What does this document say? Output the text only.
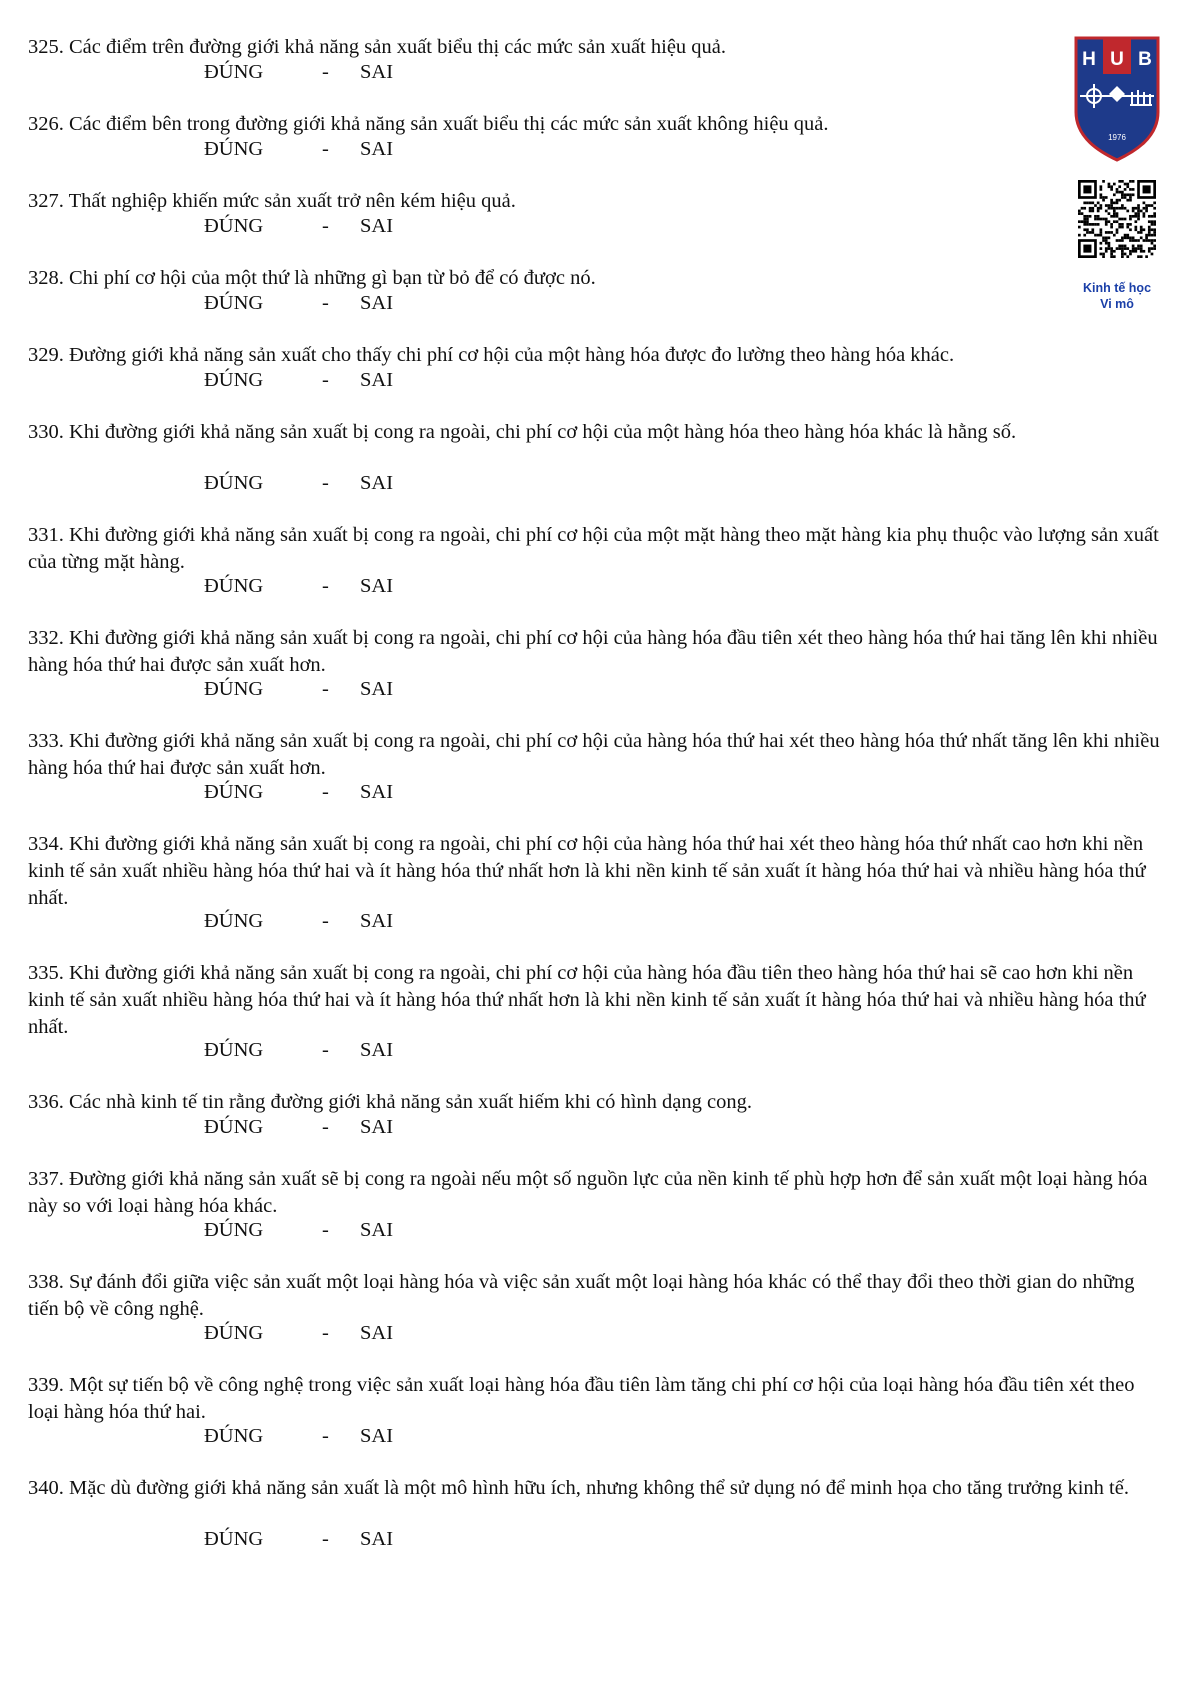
325. Các điểm trên đường giới khả năng sản xuất biểu thị các mức sản xuất hiệu quả.

ĐÚNG	- SAI

326. Các điểm bên trong đường giới khả năng sản xuất biểu thị các mức sản xuất không hiệu quả.

ĐÚNG	- SAI

327. Thất nghiệp khiến mức sản xuất trở nên kém hiệu quả.

ĐÚNG	- SAI

328. Chi phí cơ hội của một thứ là những gì bạn từ bỏ để có được nó.

ĐÚNG	- SAI

329. Đường giới khả năng sản xuất cho thấy chi phí cơ hội của một hàng hóa được đo lường theo hàng hóa khác.

ĐÚNG	- SAI

330. Khi đường giới khả năng sản xuất bị cong ra ngoài, chi phí cơ hội của một hàng hóa theo hàng hóa khác là hằng số.

ĐÚNG	- SAI

331. Khi đường giới khả năng sản xuất bị cong ra ngoài, chi phí cơ hội của một mặt hàng theo mặt hàng kia phụ thuộc vào lượng sản xuất của từng mặt hàng.

ĐÚNG	- SAI

332. Khi đường giới khả năng sản xuất bị cong ra ngoài, chi phí cơ hội của hàng hóa đầu tiên xét theo hàng hóa thứ hai tăng lên khi nhiều hàng hóa thứ hai được sản xuất hơn.

ĐÚNG	- SAI

333. Khi đường giới khả năng sản xuất bị cong ra ngoài, chi phí cơ hội của hàng hóa thứ hai xét theo hàng hóa thứ nhất tăng lên khi nhiều hàng hóa thứ hai được sản xuất hơn.

ĐÚNG	- SAI

334. Khi đường giới khả năng sản xuất bị cong ra ngoài, chi phí cơ hội của hàng hóa thứ hai xét theo hàng hóa thứ nhất cao hơn khi nền kinh tế sản xuất nhiều hàng hóa thứ hai và ít hàng hóa thứ nhất hơn là khi nền kinh tế sản xuất ít hàng hóa thứ hai và nhiều hàng hóa thứ nhất.

ĐÚNG	- SAI

335. Khi đường giới khả năng sản xuất bị cong ra ngoài, chi phí cơ hội của hàng hóa đầu tiên theo hàng hóa thứ hai sẽ cao hơn khi nền kinh tế sản xuất nhiều hàng hóa thứ hai và ít hàng hóa thứ nhất hơn là khi nền kinh tế sản xuất ít hàng hóa thứ hai và nhiều hàng hóa thứ nhất.

ĐÚNG	- SAI

336. Các nhà kinh tế tin rằng đường giới khả năng sản xuất hiếm khi có hình dạng cong.

ĐÚNG	- SAI

337. Đường giới khả năng sản xuất sẽ bị cong ra ngoài nếu một số nguồn lực của nền kinh tế phù hợp hơn để sản xuất một loại hàng hóa này so với loại hàng hóa khác.

ĐÚNG	- SAI

338. Sự đánh đổi giữa việc sản xuất một loại hàng hóa và việc sản xuất một loại hàng hóa khác có thể thay đổi theo thời gian do những tiến bộ về công nghệ.

ĐÚNG	- SAI

339. Một sự tiến bộ về công nghệ trong việc sản xuất loại hàng hóa đầu tiên làm tăng chi phí cơ hội của loại hàng hóa đầu tiên xét theo loại hàng hóa thứ hai.

ĐÚNG	- SAI

340. Mặc dù đường giới khả năng sản xuất là một mô hình hữu ích, nhưng không thể sử dụng nó để minh họa cho tăng trưởng kinh tế.

ĐÚNG	- SAI
H U B
1976
Kinh tế học
Vi mô
